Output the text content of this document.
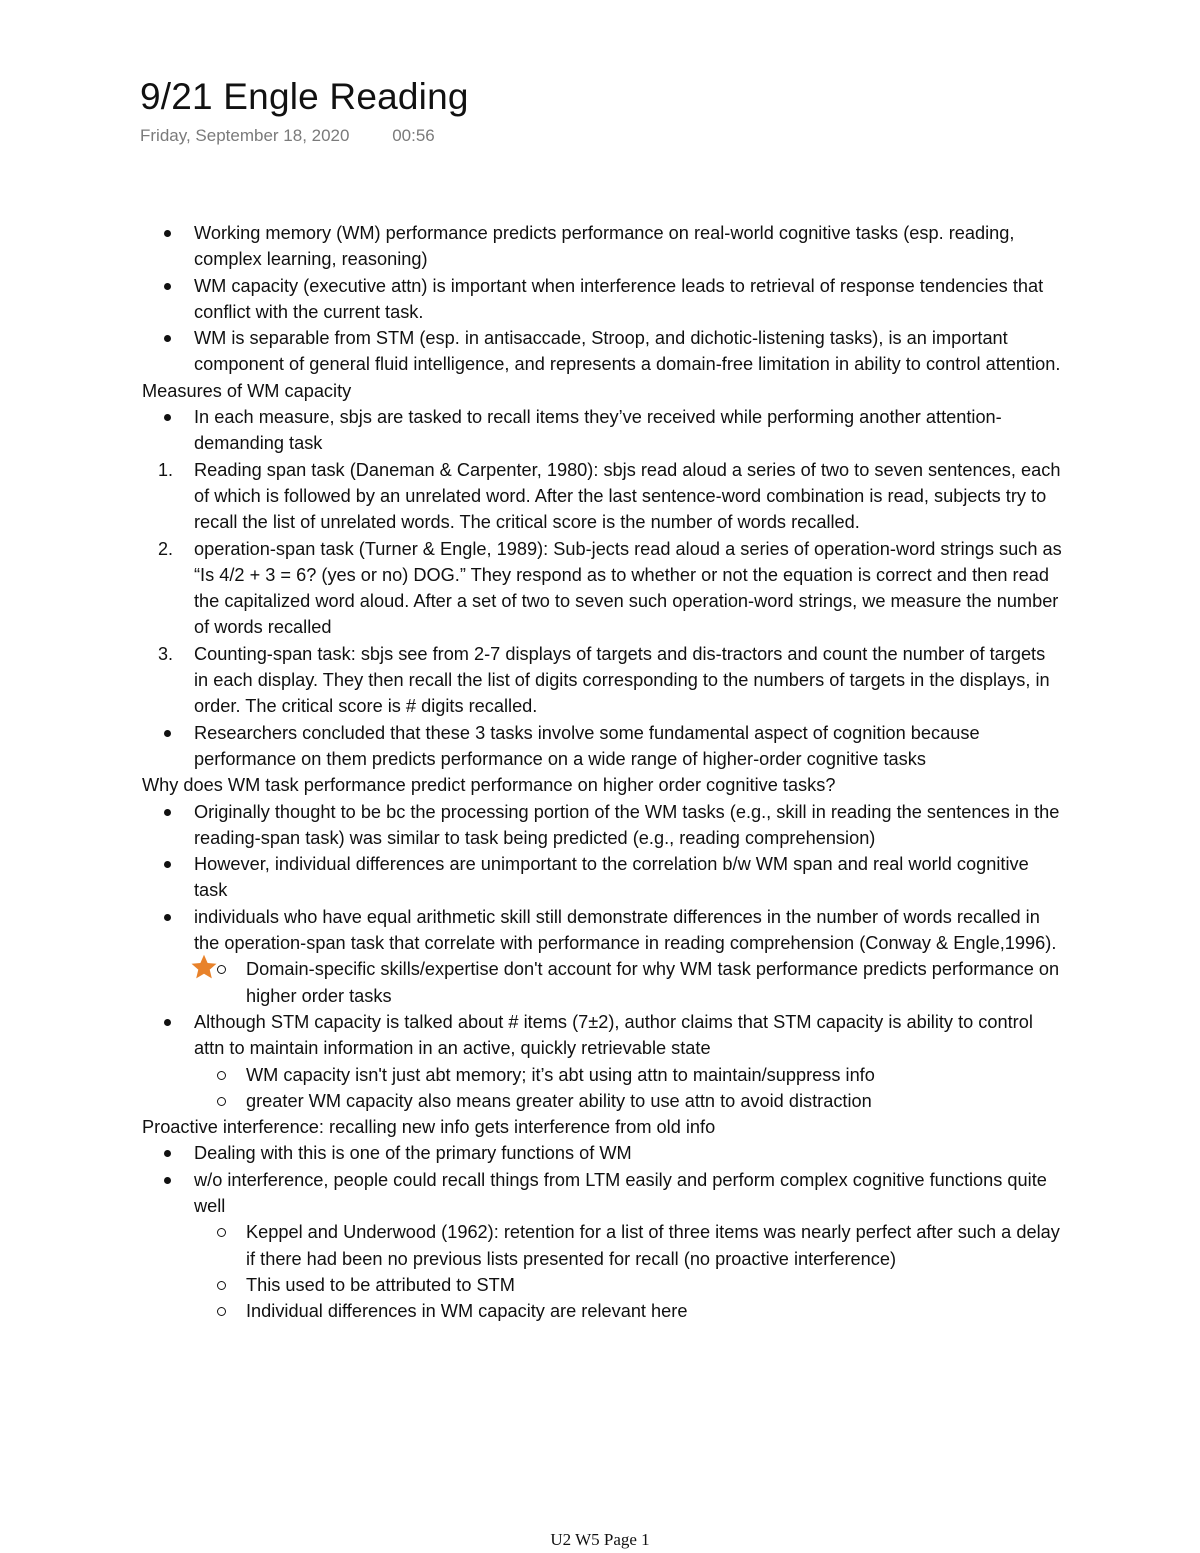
9/21 Engle Reading
Friday, September 18, 2020	00:56
Working memory (WM) performance predicts performance on real-world cognitive tasks (esp. reading, complex learning, reasoning)
WM capacity (executive attn) is important when interference leads to retrieval of response tendencies that conflict with the current task.
WM is separable from STM (esp. in antisaccade, Stroop, and dichotic-listening tasks), is an important component of general fluid intelligence, and represents a domain-free limitation in ability to control attention.
Measures of WM capacity
In each measure, sbjs are tasked to recall items they’ve received while performing another attention-demanding task
1. Reading span task (Daneman & Carpenter, 1980): sbjs read aloud a series of two to seven sentences, each of which is followed by an unrelated word. After the last sentence-word combination is read, subjects try to recall the list of unrelated words. The critical score is the number of words recalled.
2. operation-span task (Turner & Engle, 1989): Sub-jects read aloud a series of operation-word strings such as “Is 4/2 + 3 = 6? (yes or no) DOG.” They respond as to whether or not the equation is correct and then read the capitalized word aloud. After a set of two to seven such operation-word strings, we measure the number of words recalled
3. Counting-span task: sbjs see from 2-7 displays of targets and dis-tractors and count the number of targets in each display. They then recall the list of digits corresponding to the numbers of targets in the displays, in order. The critical score is # digits recalled.
Researchers concluded that these 3 tasks involve some fundamental aspect of cognition because performance on them predicts performance on a wide range of higher-order cognitive tasks
Why does WM task performance predict performance on higher order cognitive tasks?
Originally thought to be bc the processing portion of the WM tasks (e.g., skill in reading the sentences in the reading-span task) was similar to task being predicted (e.g., reading comprehension)
However, individual differences are unimportant to the correlation b/w WM span and real world cognitive task
individuals who have equal arithmetic skill still demonstrate differences in the number of words recalled in the operation-span task that correlate with performance in reading comprehension (Conway & Engle,1996).
Domain-specific skills/expertise don't account for why WM task performance predicts performance on higher order tasks
Although STM capacity is talked about # items (7±2), author claims that STM capacity is ability to control attn to maintain information in an active, quickly retrievable state
WM capacity isn't just abt memory; it’s abt using attn to maintain/suppress info
greater WM capacity also means greater ability to use attn to avoid distraction
Proactive interference: recalling new info gets interference from old info
Dealing with this is one of the primary functions of WM
w/o interference, people could recall things from LTM easily and perform complex cognitive functions quite well
Keppel and Underwood (1962): retention for a list of three items was nearly perfect after such a delay if there had been no previous lists presented for recall (no proactive interference)
This used to be attributed to STM
Individual differences in WM capacity are relevant here
U2 W5 Page 1
